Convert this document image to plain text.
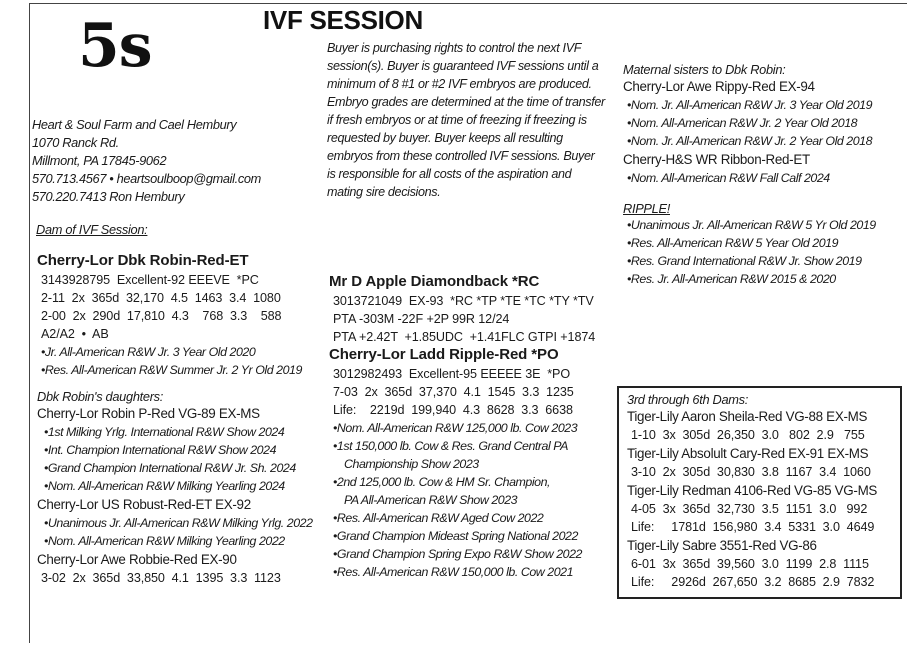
5s	IVF SESSION
Buyer is purchasing rights to control the next IVF session(s). Buyer is guaranteed IVF sessions until a minimum of 8 #1 or #2 IVF embryos are produced. Embryo grades are determined at the time of transfer if fresh embryos or at time of freezing if freezing is requested by buyer. Buyer keeps all resulting embryos from these controlled IVF sessions. Buyer is responsible for all costs of the aspiration and mating sire decisions.
Heart & Soul Farm and Cael Hembury
1070 Ranck Rd.
Millmont, PA 17845-9062
570.713.4567 • heartsoulboop@gmail.com
570.220.7413 Ron Hembury
Dam of IVF Session:
Cherry-Lor Dbk Robin-Red-ET
3143928795  Excellent-92 EEEVE  *PC
2-11  2x  365d  32,170  4.5  1463  3.4  1080
2-00  2x  290d  17,810  4.3    768  3.3    588
A2/A2  •  AB
•Jr. All-American R&W Jr. 3 Year Old 2020
•Res. All-American R&W Summer Jr. 2 Yr Old 2019
Dbk Robin's daughters:
Cherry-Lor Robin P-Red VG-89 EX-MS
•1st Milking Yrlg. International R&W Show 2024
•Int. Champion International R&W Show 2024
•Grand Champion International R&W Jr. Sh. 2024
•Nom. All-American R&W Milking Yearling 2024
Cherry-Lor US Robust-Red-ET EX-92
•Unanimous Jr. All-American R&W Milking Yrlg. 2022
•Nom. All-American R&W Milking Yearling 2022
Cherry-Lor Awe Robbie-Red EX-90
3-02  2x  365d  33,850  4.1  1395  3.3  1123
Mr D Apple Diamondback *RC
3013721049  EX-93  *RC *TP *TE *TC *TY *TV
PTA -303M -22F +2P 99R 12/24
PTA +2.42T  +1.85UDC  +1.41FLC GTPI +1874
Cherry-Lor Ladd Ripple-Red *PO
3012982493  Excellent-95 EEEEE 3E  *PO
7-03  2x  365d  37,370  4.1  1545  3.3  1235
Life:    2219d  199,940  4.3  8628  3.3  6638
•Nom. All-American R&W 125,000 lb. Cow 2023
•1st 150,000 lb. Cow & Res. Grand Central PA
Championship Show 2023
•2nd 125,000 lb. Cow & HM Sr. Champion,
PA All-American R&W Show 2023
•Res. All-American R&W Aged Cow 2022
•Grand Champion Mideast Spring National 2022
•Grand Champion Spring Expo R&W Show 2022
•Res. All-American R&W 150,000 lb. Cow 2021
Maternal sisters to Dbk Robin:
Cherry-Lor Awe Rippy-Red EX-94
•Nom. Jr. All-American R&W Jr. 3 Year Old 2019
•Nom. All-American R&W Jr. 2 Year Old 2018
•Nom. Jr. All-American R&W Jr. 2 Year Old 2018
Cherry-H&S WR Ribbon-Red-ET
•Nom. All-American R&W Fall Calf 2024
RIPPLE!
•Unanimous Jr. All-American R&W 5 Yr Old 2019
•Res. All-American R&W 5 Year Old 2019
•Res. Grand International R&W Jr. Show 2019
•Res. Jr. All-American R&W 2015 & 2020
3rd through 6th Dams:
Tiger-Lily Aaron Sheila-Red VG-88 EX-MS
1-10  3x  305d  26,350  3.0   802  2.9   755
Tiger-Lily Absolult Cary-Red EX-91 EX-MS
3-10  2x  305d  30,830  3.8  1167  3.4  1060
Tiger-Lily Redman 4106-Red VG-85 VG-MS
4-05  3x  365d  32,730  3.5  1151  3.0   992
Life:     1781d  156,980  3.4  5331  3.0  4649
Tiger-Lily Sabre 3551-Red VG-86
6-01  3x  365d  39,560  3.0  1199  2.8  1115
Life:     2926d  267,650  3.2  8685  2.9  7832
